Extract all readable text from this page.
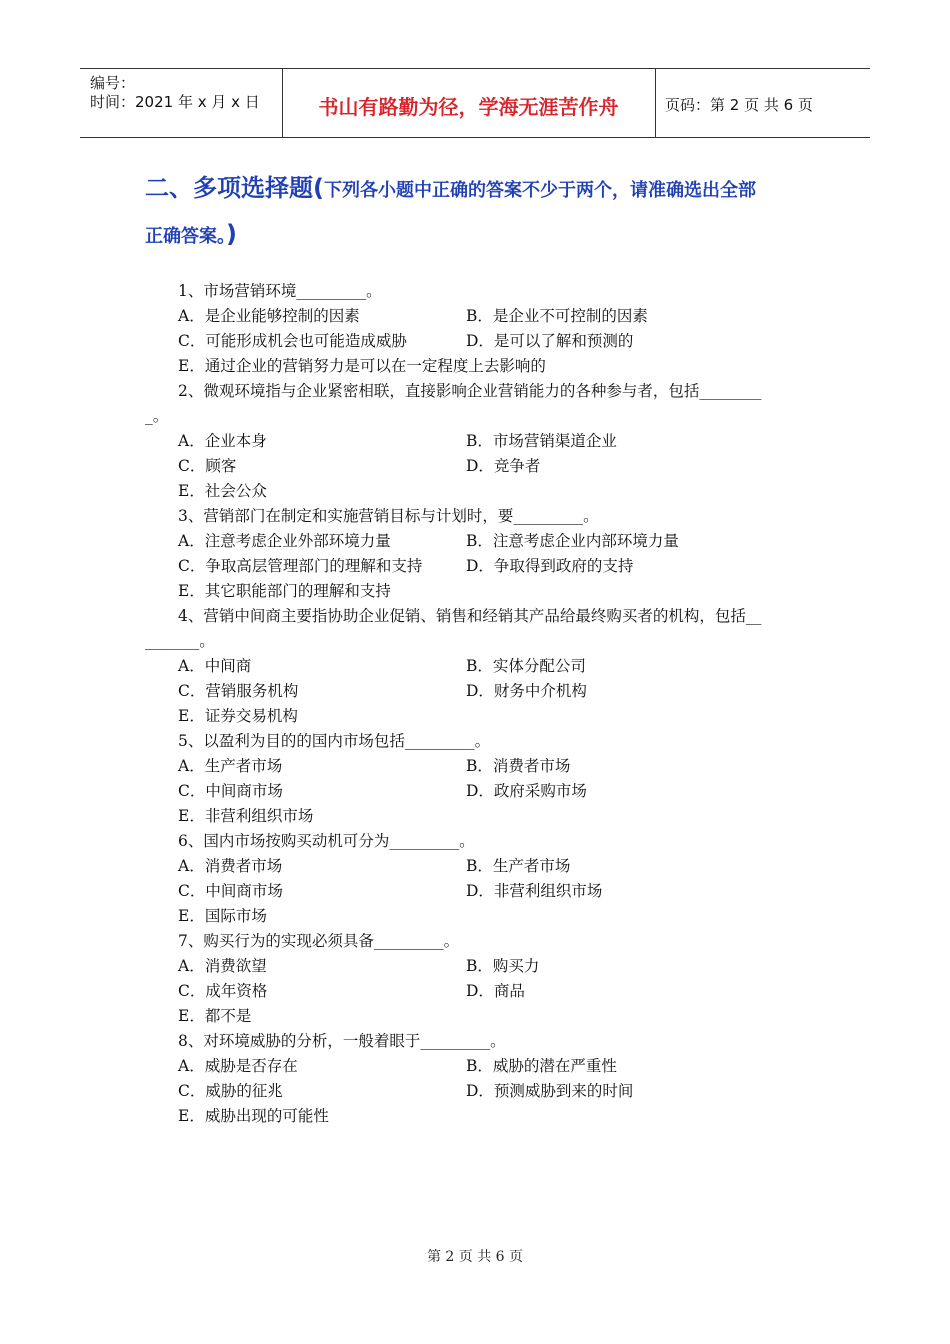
编号：
时间：2021 年 x 月 x 日	书山有路勤为径，学海无涯苦作舟	页码：第 2 页 共 6 页
二、多项选择题(下列各小题中正确的答案不少于两个，请准确选出全部
正确答案。)
1、市场营销环境_________。
A．是企业能够控制的因素	B．是企业不可控制的因素
C．可能形成机会也可能造成威胁	D．是可以了解和预测的
E．通过企业的营销努力是可以在一定程度上去影响的
2、微观环境指与企业紧密相联，直接影响企业营销能力的各种参与者，包括________
_。
A．企业本身	B．市场营销渠道企业
C．顾客	D．竞争者
E．社会公众
3、营销部门在制定和实施营销目标与计划时，要_________。
A．注意考虑企业外部环境力量	B．注意考虑企业内部环境力量
C．争取高层管理部门的理解和支持	D．争取得到政府的支持
E．其它职能部门的理解和支持
4、营销中间商主要指协助企业促销、销售和经销其产品给最终购买者的机构，包括__
_______。
A．中间商	B．实体分配公司
C．营销服务机构	D．财务中介机构
E．证券交易机构
5、以盈利为目的的国内市场包括_________。
A．生产者市场	B．消费者市场
C．中间商市场	D．政府采购市场
E．非营利组织市场
6、国内市场按购买动机可分为_________。
A．消费者市场	B．生产者市场
C．中间商市场	D．非营利组织市场
E．国际市场
7、购买行为的实现必须具备_________。
A．消费欲望	B．购买力
C．成年资格	D．商品
E．都不是
8、对环境威胁的分析，一般着眼于_________。
A．威胁是否存在	B．威胁的潜在严重性
C．威胁的征兆	D．预测威胁到来的时间
E．威胁出现的可能性
第 2 页 共 6 页
